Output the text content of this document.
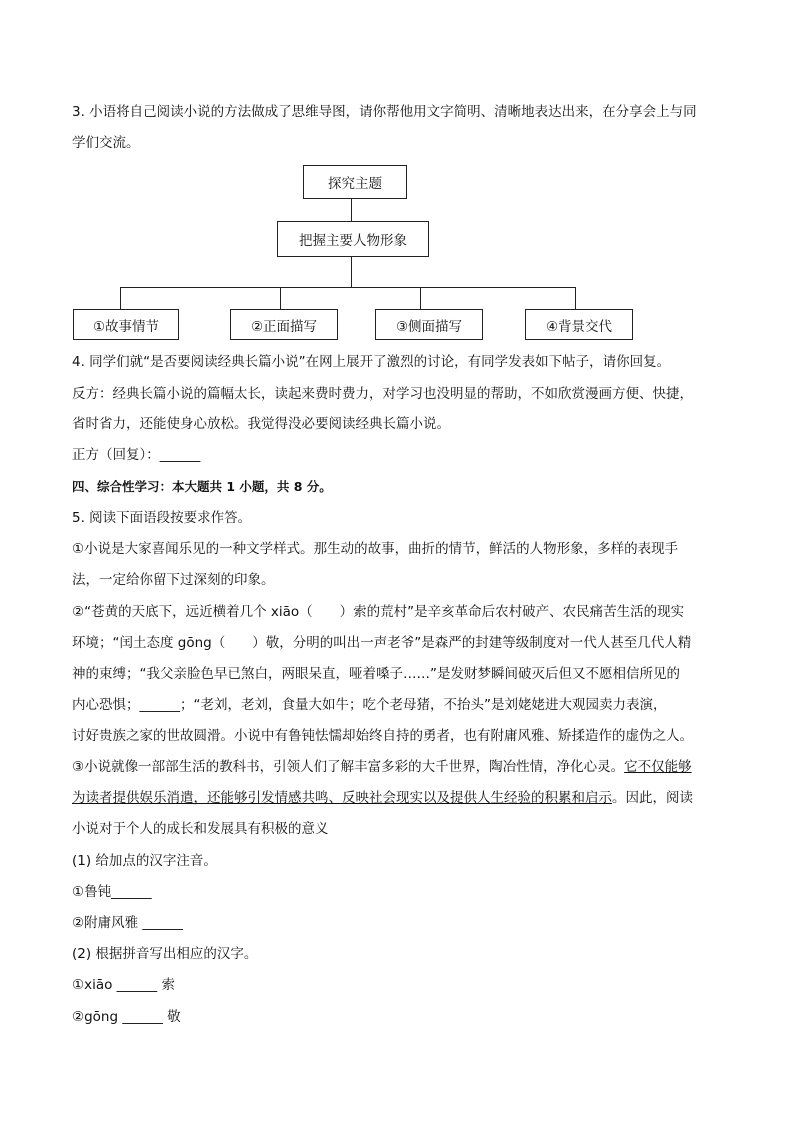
3. 小语将自己阅读小说的方法做成了思维导图，请你帮他用文字简明、清晰地表达出来，在分享会上与同
学们交流。
探究主题
把握主要人物形象
①故事情节	②正面描写	③侧面描写	④背景交代
4. 同学们就“是否要阅读经典长篇小说”在网上展开了激烈的讨论，有同学发表如下帖子，请你回复。
反方：经典长篇小说的篇幅太长，读起来费时费力，对学习也没明显的帮助，不如欣赏漫画方便、快捷，
省时省力，还能使身心放松。我觉得没必要阅读经典长篇小说。
正方（回复）：______
四、综合性学习：本大题共 1 小题，共 8 分。
5. 阅读下面语段按要求作答。
①小说是大家喜闻乐见的一种文学样式。那生动的故事，曲折的情节，鲜活的人物形象，多样的表现手
法，一定给你留下过深刻的印象。
②“苍黄的天底下，远近横着几个 xiāo（　　）索的荒村”是辛亥革命后农村破产、农民痛苦生活的现实
环境；“闰土态度 gōng（　　）敬，分明的叫出一声老爷”是森严的封建等级制度对一代人甚至几代人精
神的束缚；“我父亲脸色早已煞白，两眼呆直，哑着嗓子……”是发财梦瞬间破灭后但又不愿相信所见的
内心恐惧；______；“老刘，老刘，食量大如牛；吃个老母猪，不抬头”是刘姥姥进大观园卖力表演，
讨好贵族之家的世故圆滑。小说中有鲁钝怯懦却始终自持的勇者，也有附庸风雅、矫揉造作的虚伪之人。
③小说就像一部部生活的教科书，引领人们了解丰富多彩的大千世界，陶冶性情，净化心灵。它不仅能够
为读者提供娱乐消遣，还能够引发情感共鸣、反映社会现实以及提供人生经验的积累和启示。因此，阅读
小说对于个人的成长和发展具有积极的意义
(1) 给加点的汉字注音。
①鲁钝______
②附庸风雅 ______
(2) 根据拼音写出相应的汉字。
①xiāo ______ 索
②gōng ______ 敬
